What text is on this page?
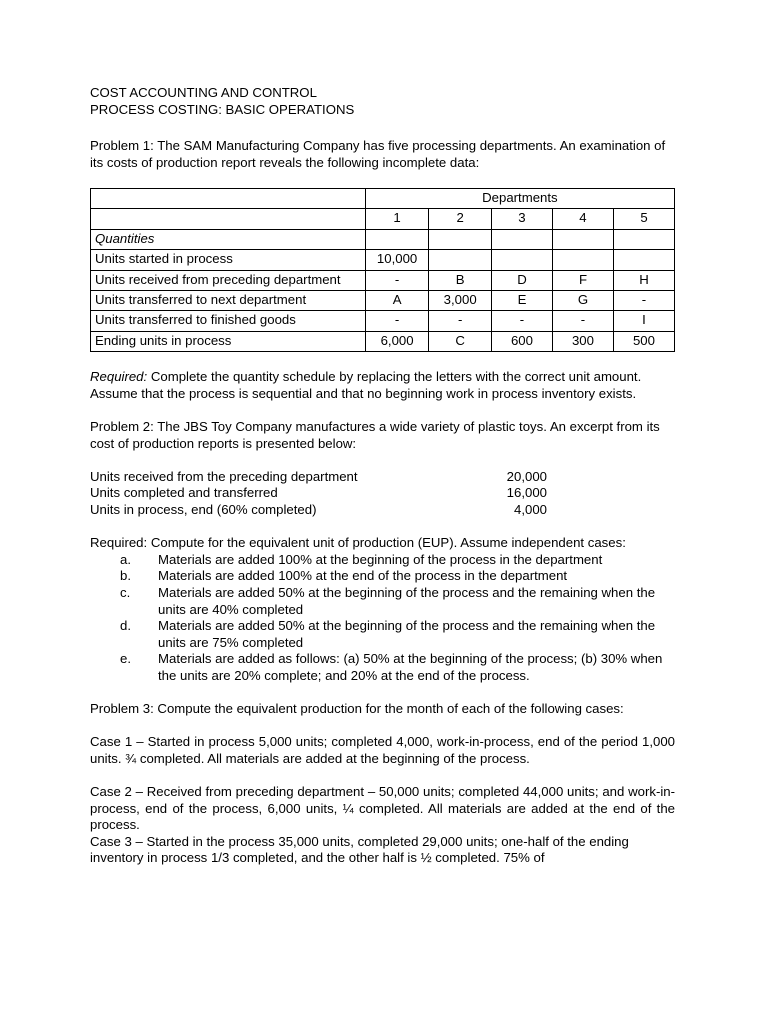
COST ACCOUNTING AND CONTROL
PROCESS COSTING: BASIC OPERATIONS

Problem 1: The SAM Manufacturing Company has five processing departments. An examination of its costs of production report reveals the following incomplete data:

	Departments				
	1	2	3	4	5
Quantities					
Units started in process	10,000				
Units received from preceding department	-	B	D	F	H
Units transferred to next department	A	3,000	E	G	-
Units transferred to finished goods	-	-	-	-	I
Ending units in process	6,000	C	600	300	500

Required: Complete the quantity schedule by replacing the letters with the correct unit amount. Assume that the process is sequential and that no beginning work in process inventory exists.

Problem 2: The JBS Toy Company manufactures a wide variety of plastic toys. An excerpt from its cost of production reports is presented below:

Units received from the preceding department	20,000
Units completed and transferred	16,000
Units in process, end (60% completed)	4,000

Required: Compute for the equivalent unit of production (EUP). Assume independent cases:

a.	Materials are added 100% at the beginning of the process in the department
b.	Materials are added 100% at the end of the process in the department
c.	Materials are added 50% at the beginning of the process and the remaining when the units are 40% completed
d.	Materials are added 50% at the beginning of the process and the remaining when the units are 75% completed
e.	Materials are added as follows: (a) 50% at the beginning of the process; (b) 30% when the units are 20% complete; and 20% at the end of the process.

Problem 3: Compute the equivalent production for the month of each of the following cases:

Case 1 – Started in process 5,000 units; completed 4,000, work-in-process, end of the period 1,000 units. ¾ completed. All materials are added at the beginning of the process.

Case 2 – Received from preceding department – 50,000 units; completed 44,000 units; and work-in-process, end of the process, 6,000 units, ¼ completed. All materials are added at the end of the process.

Case 3 – Started in the process 35,000 units, completed 29,000 units; one-half of the ending inventory in process 1/3 completed, and the other half is ½ completed. 75% of
